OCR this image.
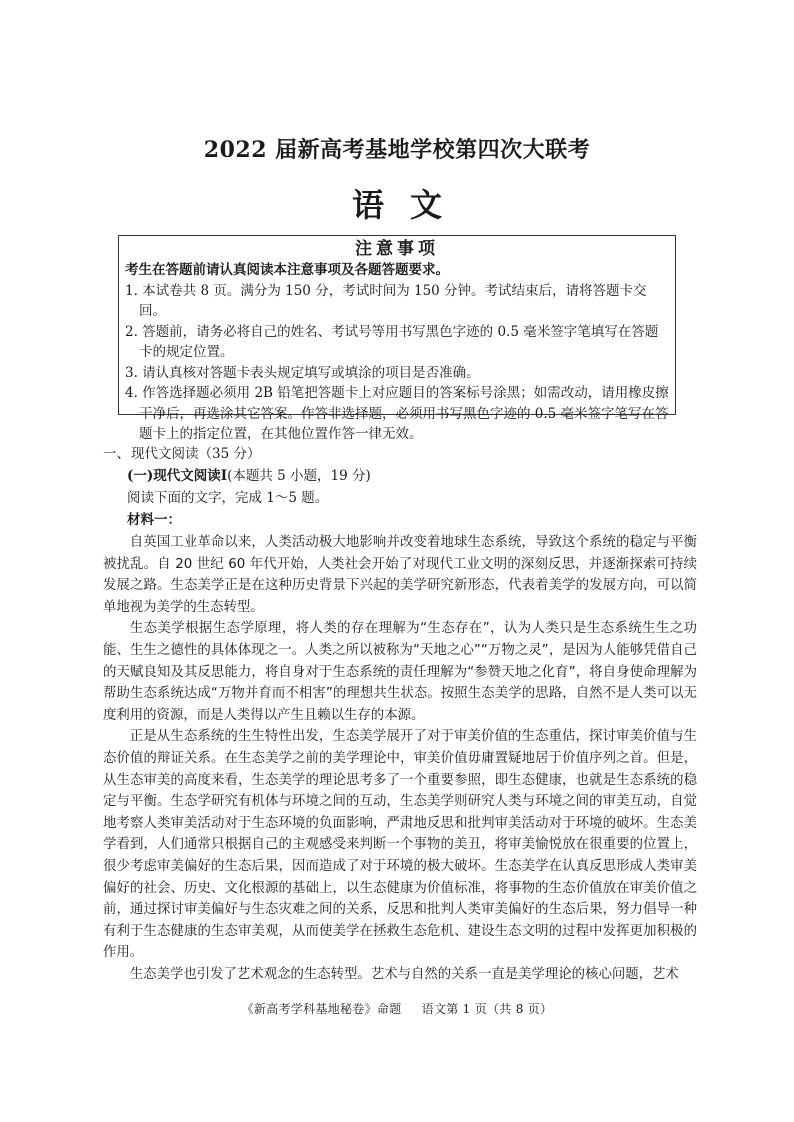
2022 届新高考基地学校第四次大联考
语文
注意事项
考生在答题前请认真阅读本注意事项及各题答题要求。
1. 本试卷共 8 页。满分为 150 分，考试时间为 150 分钟。考试结束后，请将答题卡交回。
2. 答题前，请务必将自己的姓名、考试号等用书写黑色字迹的 0.5 毫米签字笔填写在答题卡的规定位置。
3. 请认真核对答题卡表头规定填写或填涂的项目是否准确。
4. 作答选择题必须用 2B 铅笔把答题卡上对应题目的答案标号涂黑；如需改动，请用橡皮擦干净后，再选涂其它答案。作答非选择题，必须用书写黑色字迹的 0.5 毫米签字笔写在答题卡上的指定位置，在其他位置作答一律无效。
一、现代文阅读（35 分）
(一)现代文阅读Ⅰ(本题共 5 小题，19 分)
阅读下面的文字，完成 1～5 题。
材料一：

自英国工业革命以来，人类活动极大地影响并改变着地球生态系统，导致这个系统的稳定与平衡被扰乱。自 20 世纪 60 年代开始，人类社会开始了对现代工业文明的深刻反思，并逐渐探索可持续发展之路。生态美学正是在这种历史背景下兴起的美学研究新形态，代表着美学的发展方向，可以简单地视为美学的生态转型。

生态美学根据生态学原理，将人类的存在理解为“生态存在”，认为人类只是生态系统生生之功能、生生之德性的具体体现之一。人类之所以被称为“天地之心”“万物之灵”，是因为人能够凭借自己的天赋良知及其反思能力，将自身对于生态系统的责任理解为“参赞天地之化育”，将自身使命理解为帮助生态系统达成“万物并育而不相害”的理想共生状态。按照生态美学的思路，自然不是人类可以无度利用的资源，而是人类得以产生且赖以生存的本源。

正是从生态系统的生生特性出发，生态美学展开了对于审美价值的生态重估，探讨审美价值与生态价值的辩证关系。在生态美学之前的美学理论中，审美价值毋庸置疑地居于价值序列之首。但是，从生态审美的高度来看，生态美学的理论思考多了一个重要参照，即生态健康，也就是生态系统的稳定与平衡。生态学研究有机体与环境之间的互动，生态美学则研究人类与环境之间的审美互动，自觉地考察人类审美活动对于生态环境的负面影响，严肃地反思和批判审美活动对于环境的破坏。生态美学看到，人们通常只根据自己的主观感受来判断一个事物的美丑，将审美愉悦放在很重要的位置上，很少考虑审美偏好的生态后果，因而造成了对于环境的极大破坏。生态美学在认真反思形成人类审美偏好的社会、历史、文化根源的基础上，以生态健康为价值标准，将事物的生态价值放在审美价值之前，通过探讨审美偏好与生态灾难之间的关系，反思和批判人类审美偏好的生态后果，努力倡导一种有利于生态健康的生态审美观，从而使美学在拯救生态危机、建设生态文明的过程中发挥更加积极的作用。

生态美学也引发了艺术观念的生态转型。艺术与自然的关系一直是美学理论的核心问题，艺术

《新高考学科基地秘卷》命题 语文第 1 页（共 8 页）
